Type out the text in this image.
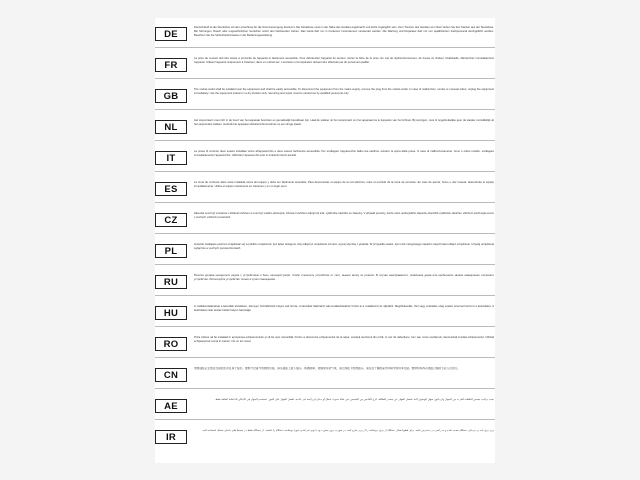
DE
Deutschland ist die Steckdose mit dem Anschluss für die Stromversorgung bestimmt. Die Steckdose muss in der Nähe des Gerätes angebracht und leicht zugänglich sein. Zum Trennen des Gerätes vom Netz ziehen Sie den Stecker aus der Steckdose. Bei Störungen, Rauch oder ungewöhnlichen Gerüchen sofort den Netzstecker ziehen. Das Gerät darf nur in trockenen Innenräumen verwendet werden. Die Wartung und Reparatur darf nur von qualifiziertem Fachpersonal durchgeführt werden. Beachten Sie die Sicherheitshinweise in der Bedienungsanleitung.
FR
La prise de courant doit être située à proximité de l'appareil et facilement accessible. Pour débrancher l'appareil du secteur, retirez la fiche de la prise. En cas de dysfonctionnement, de fumée ou d'odeur inhabituelle, débranchez immédiatement l'appareil. Utilisez l'appareil uniquement à l'intérieur, dans un endroit sec. L'entretien et la réparation doivent être effectués par du personnel qualifié.
GB
The socket-outlet shall be installed near the equipment and shall be easily accessible. To disconnect the equipment from the mains supply, remove the plug from the socket-outlet. In case of malfunction, smoke or unusual odour, unplug the equipment immediately. Use the equipment indoors in a dry location only. Servicing and repair must be carried out by qualified personnel only.
NL
Het stopcontact moet zich in de buurt van het apparaat bevinden en gemakkelijk bereikbaar zijn. Haal de stekker uit het stopcontact om het apparaat los te koppelen van het lichtnet. Bij storingen, rook of ongebruikelijke geur de stekker onmiddellijk uit het stopcontact trekken. Gebruik het apparaat uitsluitend binnenshuis op een droge plaats.
IT
La presa di corrente deve essere installata vicino all'apparecchio e deve essere facilmente accessibile. Per scollegare l'apparecchio dalla rete elettrica, estrarre la spina dalla presa. In caso di malfunzionamento, fumo o odore insolito, scollegare immediatamente l'apparecchio. Utilizzare l'apparecchio solo in ambienti interni asciutti.
ES
La toma de corriente debe estar instalada cerca del equipo y debe ser fácilmente accesible. Para desconectar el equipo de la red eléctrica, retire el enchufe de la toma de corriente. En caso de avería, humo u olor inusual, desenchufe el equipo inmediatamente. Utilice el equipo únicamente en interiores y en un lugar seco.
CZ
Zásuvka musí být umístěna v blízkosti zařízení a musí být snadno přístupná. Chcete-li zařízení odpojit od sítě, vytáhněte zástrčku ze zásuvky. V případě poruchy, kouře nebo neobvyklého zápachu okamžitě vytáhněte zástrčku. Zařízení používejte pouze v suchých vnitřních prostorách.
PL
Gniazdo zasilające powinno znajdować się w pobliżu urządzenia i być łatwo dostępne. Aby odłączyć urządzenie od sieci, wyjmij wtyczkę z gniazda. W przypadku awarii, dymu lub nietypowego zapachu natychmiast odłącz urządzenie. Używaj urządzenia wyłącznie w suchych pomieszczeniach.
RU
Розетка должна находиться рядом с устройством и быть легкодоступной. Чтобы отключить устройство от сети, выньте вилку из розетки. В случае неисправности, появления дыма или необычного запаха немедленно отключите устройство. Используйте устройство только в сухих помещениях.
HU
A csatlakozóaljzatnak a készülék közelében, könnyen hozzáférhető helyen kell lennie. A készülék hálózatról való leválasztásához húzza ki a csatlakozót az aljzatból. Meghibásodás, füst vagy szokatlan szag esetén azonnal húzza ki a készüléket. A készüléket csak száraz beltéri helyen használja.
RO
Priza trebuie să fie instalată în apropierea echipamentului și să fie ușor accesibilă. Pentru a deconecta echipamentul de la rețea, scoateți ștecherul din priză. În caz de defecțiune, fum sau miros neobișnuit, deconectați imediat echipamentul. Utilizați echipamentul numai în interior, într-un loc uscat.
CN
电源插座应安装在设备附近并且易于接近。要断开设备与电源的连接，请从插座上拔下插头。如遇故障、冒烟或异常气味，请立即拔下电源插头。请仅在干燥的室内环境中使用本设备。维修和保养必须由合格的专业人员进行。
AE
يجب تركيب مقبس الطاقة بالقرب من الجهاز وأن يكون سهل الوصول إليه. لفصل الجهاز عن مصدر الطاقة، انزع القابس من المقبس. في حالة حدوث عطل أو دخان أو رائحة غير عادية، افصل الجهاز على الفور. استخدم الجهاز في الأماكن الداخلية الجافة فقط.
IR
پریز برق باید در نزدیکی دستگاه نصب شده و به راحتی در دسترس باشد. برای قطع اتصال دستگاه از برق، دوشاخه را از پریز خارج کنید. در صورت بروز نقص، دود یا بوی غیرعادی، فوراً دوشاخه دستگاه را بکشید. از دستگاه فقط در محیط های داخلی خشک استفاده کنید.
